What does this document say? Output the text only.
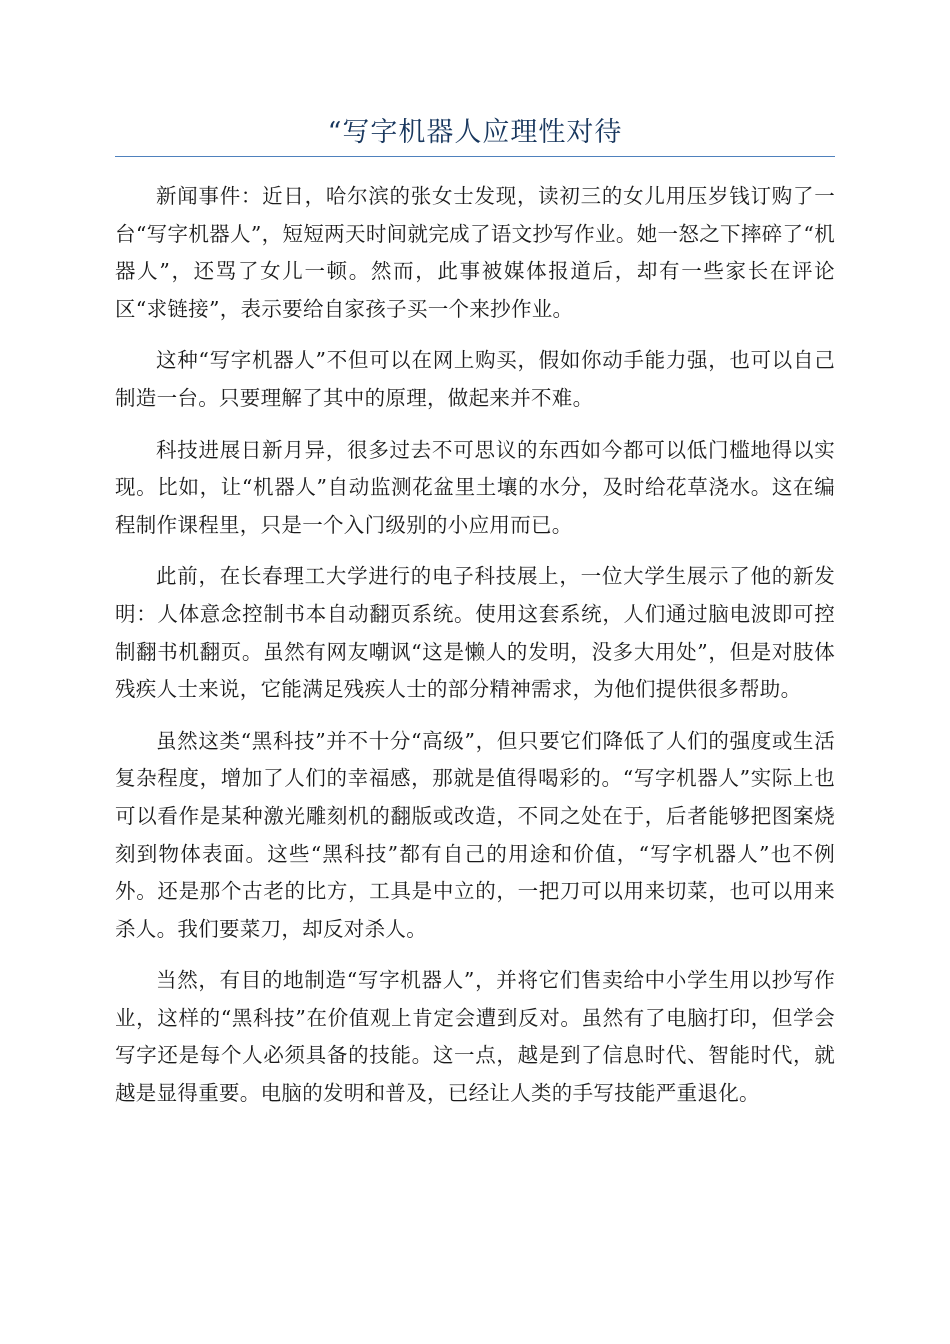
“写字机器人应理性对待

新闻事件：近日，哈尔滨的张女士发现，读初三的女儿用压岁钱订购了一台“写字机器人”，短短两天时间就完成了语文抄写作业。她一怒之下摔碎了“机器人”，还骂了女儿一顿。然而，此事被媒体报道后，却有一些家长在评论区“求链接”，表示要给自家孩子买一个来抄作业。

这种“写字机器人”不但可以在网上购买，假如你动手能力强，也可以自己制造一台。只要理解了其中的原理，做起来并不难。

科技进展日新月异，很多过去不可思议的东西如今都可以低门槛地得以实现。比如，让“机器人”自动监测花盆里土壤的水分，及时给花草浇水。这在编程制作课程里，只是一个入门级别的小应用而已。

此前，在长春理工大学进行的电子科技展上，一位大学生展示了他的新发明：人体意念控制书本自动翻页系统。使用这套系统，人们通过脑电波即可控制翻书机翻页。虽然有网友嘲讽“这是懒人的发明，没多大用处”，但是对肢体残疾人士来说，它能满足残疾人士的部分精神需求，为他们提供很多帮助。

虽然这类“黑科技”并不十分“高级”，但只要它们降低了人们的强度或生活复杂程度，增加了人们的幸福感，那就是值得喝彩的。“写字机器人”实际上也可以看作是某种激光雕刻机的翻版或改造，不同之处在于，后者能够把图案烧刻到物体表面。这些“黑科技”都有自己的用途和价值，“写字机器人”也不例外。还是那个古老的比方，工具是中立的，一把刀可以用来切菜，也可以用来杀人。我们要菜刀，却反对杀人。

当然，有目的地制造“写字机器人”，并将它们售卖给中小学生用以抄写作业，这样的“黑科技”在价值观上肯定会遭到反对。虽然有了电脑打印，但学会写字还是每个人必须具备的技能。这一点，越是到了信息时代、智能时代，就越是显得重要。电脑的发明和普及，已经让人类的手写技能严重退化。
